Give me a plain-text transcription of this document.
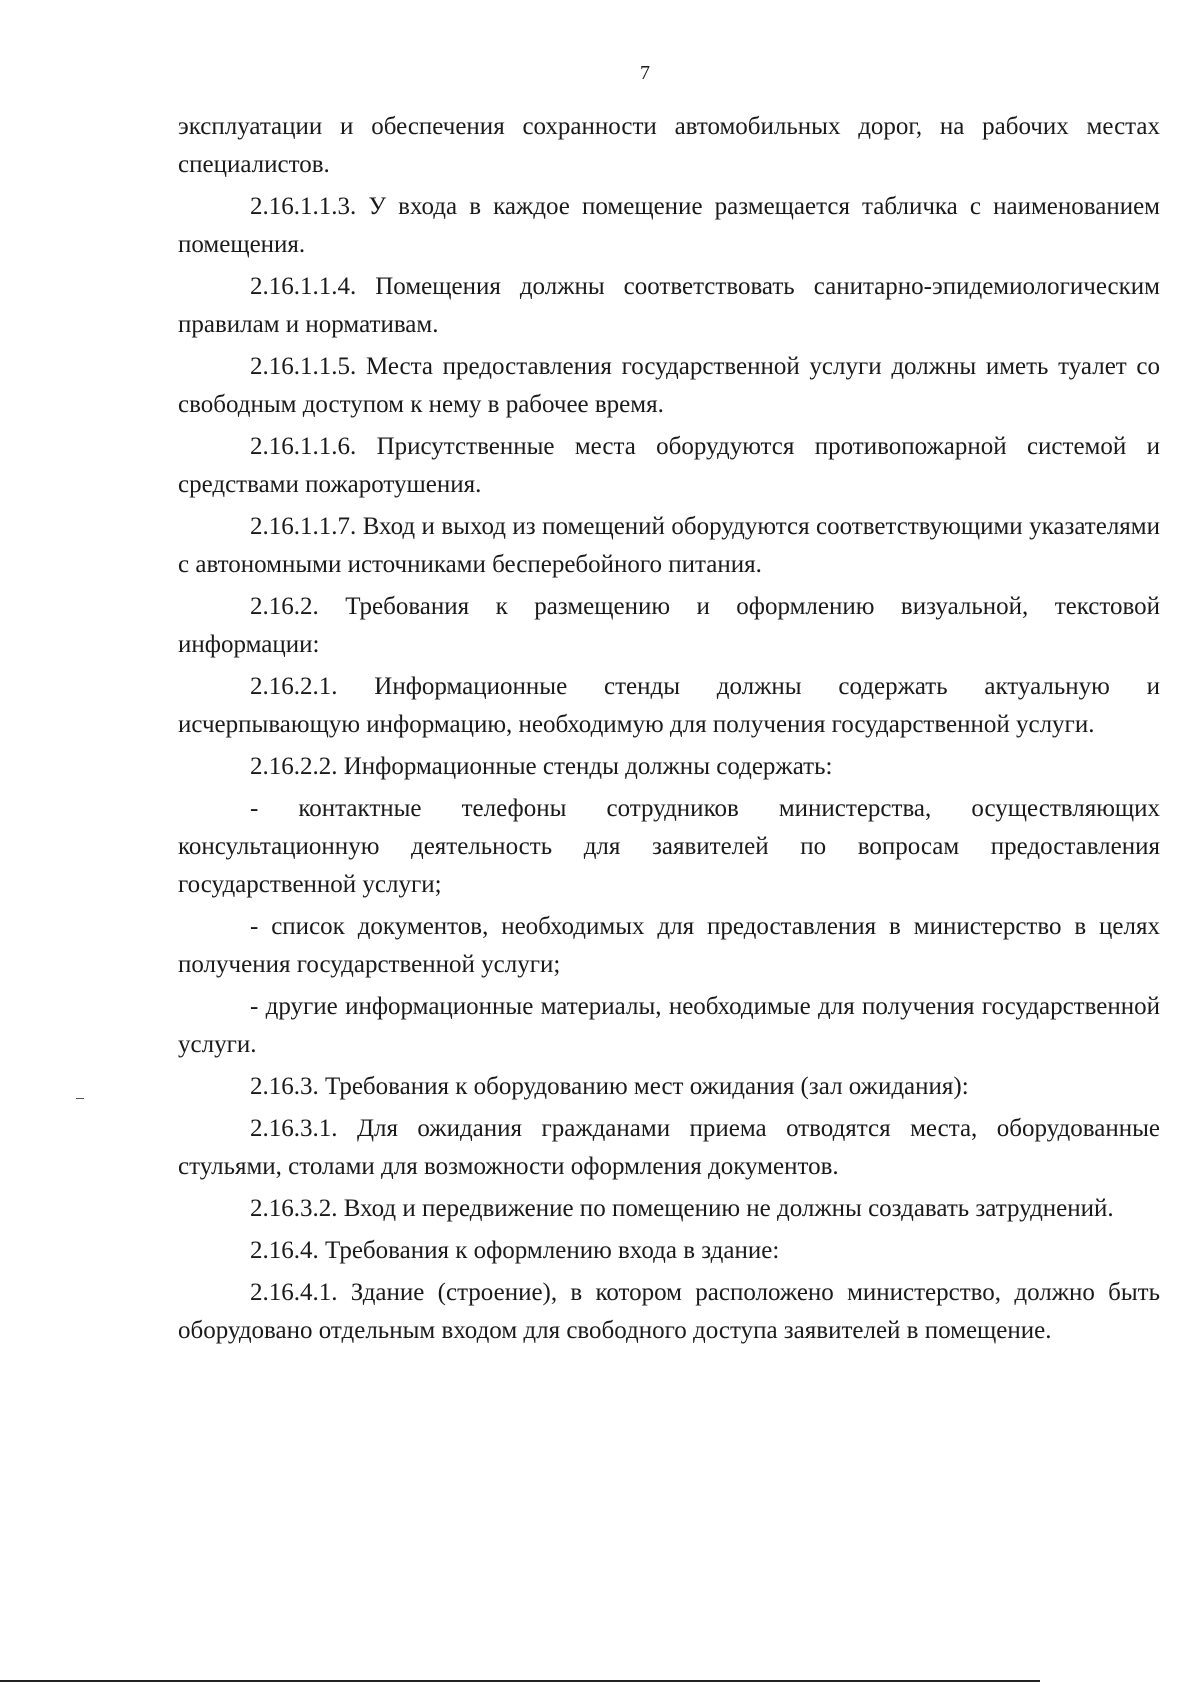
7

эксплуатации и обеспечения сохранности автомобильных дорог, на рабочих местах специалистов.

2.16.1.1.3. У входа в каждое помещение размещается табличка с наименованием помещения.

2.16.1.1.4. Помещения должны соответствовать санитарно-эпидемиологическим правилам и нормативам.

2.16.1.1.5. Места предоставления государственной услуги должны иметь туалет со свободным доступом к нему в рабочее время.

2.16.1.1.6. Присутственные места оборудуются противопожарной системой и средствами пожаротушения.

2.16.1.1.7. Вход и выход из помещений оборудуются соответствующими указателями с автономными источниками бесперебойного питания.

2.16.2. Требования к размещению и оформлению визуальной, текстовой информации:

2.16.2.1. Информационные стенды должны содержать актуальную и исчерпывающую информацию, необходимую для получения государственной услуги.

2.16.2.2. Информационные стенды должны содержать:

- контактные телефоны сотрудников министерства, осуществляющих консультационную деятельность для заявителей по вопросам предоставления государственной услуги;

- список документов, необходимых для предоставления в министерство в целях получения государственной услуги;

- другие информационные материалы, необходимые для получения государственной услуги.

2.16.3. Требования к оборудованию мест ожидания (зал ожидания):

2.16.3.1. Для ожидания гражданами приема отводятся места, оборудованные стульями, столами для возможности оформления документов.

2.16.3.2. Вход и передвижение по помещению не должны создавать затруднений.

2.16.4. Требования к оформлению входа в здание:

2.16.4.1. Здание (строение), в котором расположено министерство, должно быть оборудовано отдельным входом для свободного доступа заявителей в помещение.
